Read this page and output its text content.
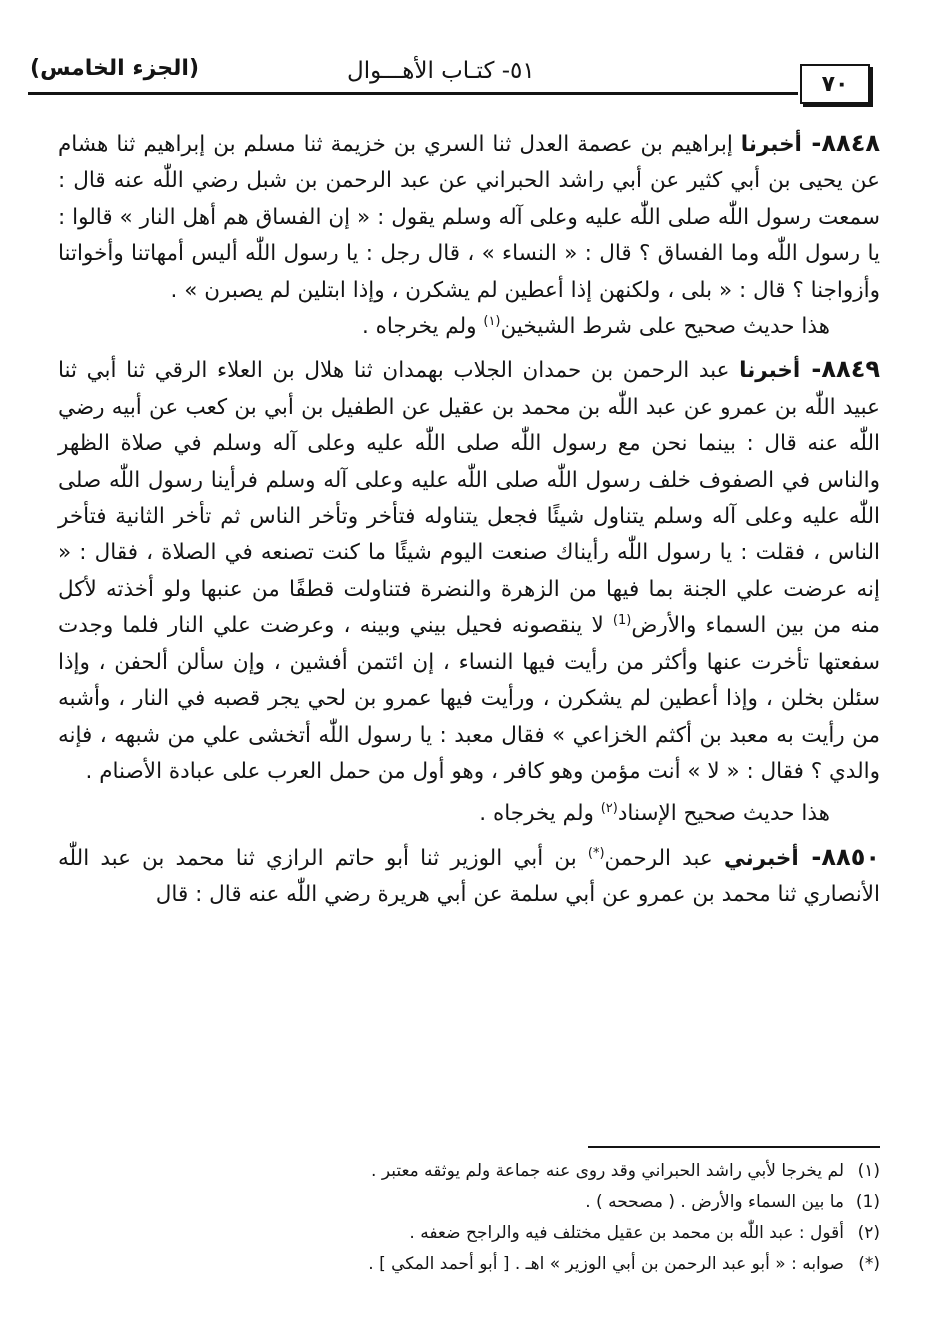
(الجزء الخامس)	٥١- كتـاب الأهـــوال	٧٠

٨٨٤٨- أخبرنا إبراهيم بن عصمة العدل ثنا السري بن خزيمة ثنا مسلم بن إبراهيم ثنا هشام عن يحيى بن أبي كثير عن أبي راشد الحبراني عن عبد الرحمن بن شبل رضي اللّٰه عنه قال : سمعت رسول اللّٰه صلى اللّٰه عليه وعلى آله وسلم يقول : « إن الفساق هم أهل النار » قالوا : يا رسول اللّٰه وما الفساق ؟ قال : « النساء » ، قال رجل : يا رسول اللّٰه أليس أمهاتنا وأخواتنا وأزواجنا ؟ قال : « بلى ، ولكنهن إذا أعطين لم يشكرن ، وإذا ابتلين لم يصبرن » .

هذا حديث صحيح على شرط الشيخين$^{(١)}$ ولم يخرجاه .

٨٨٤٩- أخبرنا عبد الرحمن بن حمدان الجلاب بهمدان ثنا هلال بن العلاء الرقي ثنا أبي ثنا عبيد اللّٰه بن عمرو عن عبد اللّٰه بن محمد بن عقيل عن الطفيل بن أبي بن كعب عن أبيه رضي اللّٰه عنه قال : بينما نحن مع رسول اللّٰه صلى اللّٰه عليه وعلى آله وسلم في صلاة الظهر والناس في الصفوف خلف رسول اللّٰه صلى اللّٰه عليه وعلى آله وسلم فرأينا رسول اللّٰه صلى اللّٰه عليه وعلى آله وسلم يتناول شيئًا فجعل يتناوله فتأخر وتأخر الناس ثم تأخر الثانية فتأخر الناس ، فقلت : يا رسول اللّٰه رأيناك صنعت اليوم شيئًا ما كنت تصنعه في الصلاة ، فقال : « إنه عرضت علي الجنة بما فيها من الزهرة والنضرة فتناولت قطفًا من عنبها ولو أخذته لأكل منه من بين السماء والأرض$^{(1)}$ لا ينقصونه فحيل بيني وبينه ، وعرضت علي النار فلما وجدت سفعتها تأخرت عنها وأكثر من رأيت فيها النساء ، إن ائتمن أفشين ، وإن سألن ألحفن ، وإذا سئلن بخلن ، وإذا أعطين لم يشكرن ، ورأيت فيها عمرو بن لحي يجر قصبه في النار ، وأشبه من رأيت به معبد بن أكثم الخزاعي » فقال معبد : يا رسول اللّٰه أتخشى علي من شبهه ، فإنه والدي ؟ فقال : « لا » أنت مؤمن وهو كافر ، وهو أول من حمل العرب على عبادة الأصنام .

هذا حديث صحيح الإسناد$^{(٢)}$ ولم يخرجاه .

٨٨٥٠- أخبرني عبد الرحمن(*) بن أبي الوزير ثنا أبو حاتم الرازي ثنا محمد بن عبد اللّٰه الأنصاري ثنا محمد بن عمرو عن أبي سلمة عن أبي هريرة رضي اللّٰه عنه قال : قال

(١)لم يخرجا لأبي راشد الحبراني وقد روى عنه جماعة ولم يوثقه معتبر .

(1)ما بين السماء والأرض . ( مصححه ) .

(٢)أقول : عبد اللّٰه بن محمد بن عقيل مختلف فيه والراجح ضعفه .

(*)صوابه : « أبو عبد الرحمن بن أبي الوزير » اهـ . [ أبو أحمد المكي ] .
